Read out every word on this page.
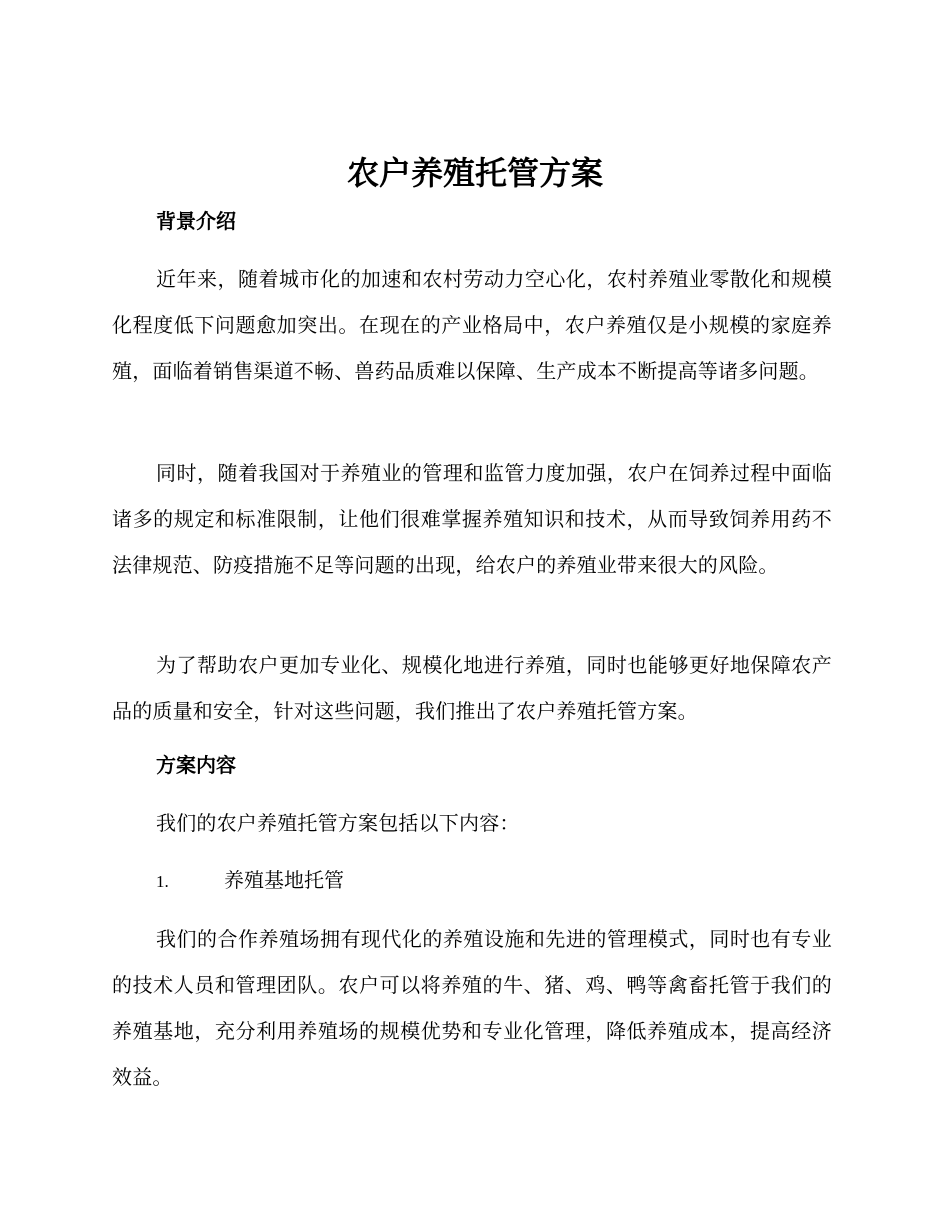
农户养殖托管方案
背景介绍

近年来，随着城市化的加速和农村劳动力空心化，农村养殖业零散化和规模化程度低下问题愈加突出。在现在的产业格局中，农户养殖仅是小规模的家庭养殖，面临着销售渠道不畅、兽药品质难以保障、生产成本不断提高等诸多问题。

同时，随着我国对于养殖业的管理和监管力度加强，农户在饲养过程中面临诸多的规定和标准限制，让他们很难掌握养殖知识和技术，从而导致饲养用药不法律规范、防疫措施不足等问题的出现，给农户的养殖业带来很大的风险。

为了帮助农户更加专业化、规模化地进行养殖，同时也能够更好地保障农产品的质量和安全，针对这些问题，我们推出了农户养殖托管方案。

方案内容

我们的农户养殖托管方案包括以下内容：

1.	养殖基地托管

我们的合作养殖场拥有现代化的养殖设施和先进的管理模式，同时也有专业的技术人员和管理团队。农户可以将养殖的牛、猪、鸡、鸭等禽畜托管于我们的养殖基地，充分利用养殖场的规模优势和专业化管理，降低养殖成本，提高经济效益。
